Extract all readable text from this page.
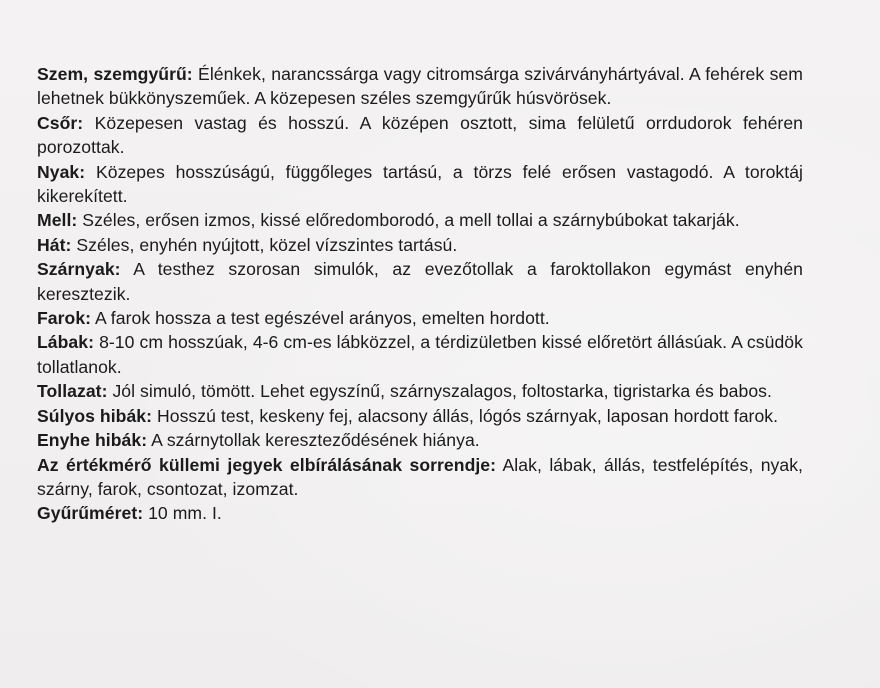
Szem, szemgyűrű: Élénkek, narancssárga vagy citromsárga szivárványhártyával. A fehérek sem lehetnek bükkönyszeműek. A közepesen széles szemgyűrűk húsvörösek.

Csőr: Közepesen vastag és hosszú. A középen osztott, sima felületű orrdudorok fehéren porozottak.

Nyak: Közepes hosszúságú, függőleges tartású, a törzs felé erősen vastagodó. A toroktáj kikerekített.

Mell: Széles, erősen izmos, kissé előredomborodó, a mell tollai a szárnybúbokat takarják.

Hát: Széles, enyhén nyújtott, közel vízszintes tartású.

Szárnyak: A testhez szorosan simulók, az evezőtollak a faroktollakon egymást enyhén keresztezik.

Farok: A farok hossza a test egészével arányos, emelten hordott.

Lábak: 8-10 cm hosszúak, 4-6 cm-es lábközzel, a térdizületben kissé előretört állásúak. A csüdök tollatlanok.

Tollazat: Jól simuló, tömött. Lehet egyszínű, szárnyszalagos, foltostarka, tigristarka és babos.

Súlyos hibák: Hosszú test, keskeny fej, alacsony állás, lógós szárnyak, laposan hordott farok.

Enyhe hibák: A szárnytollak kereszteződésének hiánya.

Az értékmérő küllemi jegyek elbírálásának sorrendje: Alak, lábak, állás, testfelépítés, nyak, szárny, farok, csontozat, izomzat.

Gyűrűméret: 10 mm. I.
